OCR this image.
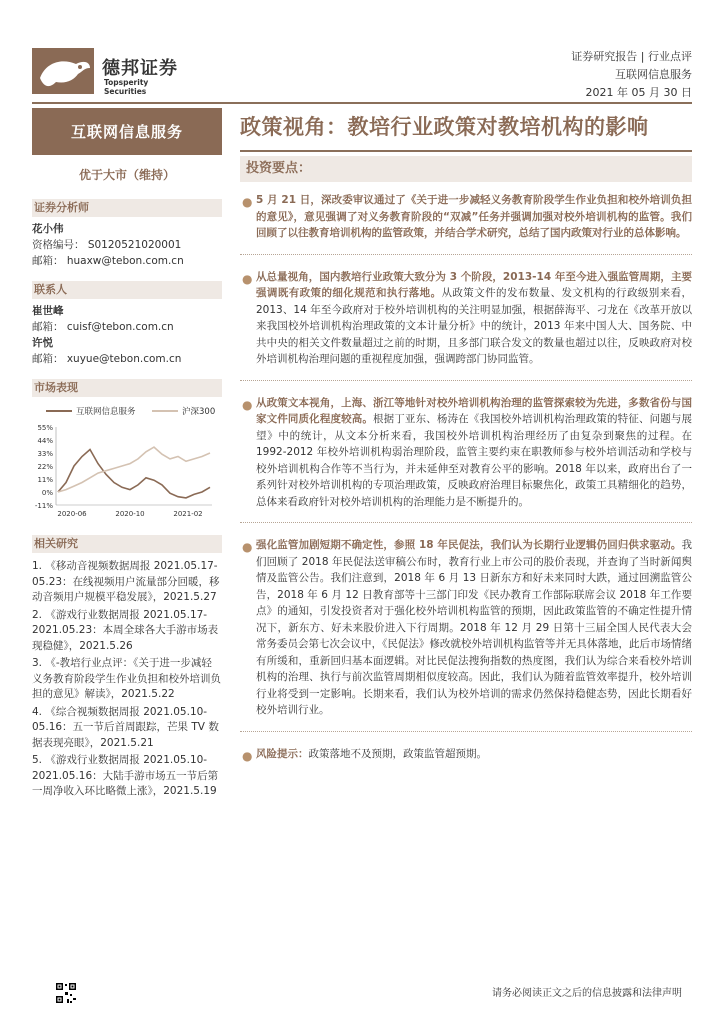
德邦证券
Topsperity Securities
证券研究报告 | 行业点评
互联网信息服务
2021 年 05 月 30 日
互联网信息服务
优于大市（维持）
证券分析师
花小伟
资格编号： S0120521020001
邮箱： huaxw@tebon.com.cn
联系人
崔世峰
邮箱： cuisf@tebon.com.cn
许悦
邮箱： xuyue@tebon.com.cn
市场表现
互联网信息服务	沪深300
55%
44%
33%
22%
11%
0%
-11%
2020-06	2020-10	2021-02
相关研究
1. 《移动音视频数据周报 2021.05.17-05.23：在线视频用户流量部分回暖，移动音频用户规模平稳发展》，2021.5.27
2. 《游戏行业数据周报 2021.05.17-2021.05.23：本周全球各大手游市场表现稳健》，2021.5.26
3. 《-教培行业点评：《关于进一步减轻义务教育阶段学生作业负担和校外培训负担的意见》解读》，2021.5.22
4. 《综合视频数据周报 2021.05.10-05.16：五一节后首周跟踪，芒果 TV 数据表现亮眼》，2021.5.21
5. 《游戏行业数据周报 2021.05.10-2021.05.16：大陆手游市场五一节后第一周净收入环比略微上涨》，2021.5.19
政策视角：教培行业政策对教培机构的影响
投资要点：
● 5 月 21 日，深改委审议通过了《关于进一步减轻义务教育阶段学生作业负担和校外培训负担的意见》，意见强调了对义务教育阶段的“双减”任务并强调加强对校外培训机构的监管。我们回顾了以往教育培训机构的监管政策，并结合学术研究，总结了国内政策对行业的总体影响。
● 从总量视角，国内教培行业政策大致分为 3 个阶段，2013-14 年至今进入强监管周期，主要强调既有政策的细化规范和执行落地。从政策文件的发布数量、发文机构的行政级别来看，2013、14 年至今政府对于校外培训机构的关注明显加强，根据薛海平、刁龙在《改革开放以来我国校外培训机构治理政策的文本计量分析》中的统计，2013 年来中国人大、国务院、中共中央的相关文件数量超过之前的时期，且多部门联合发文的数量也超过以往，反映政府对校外培训机构治理问题的重视程度加强，强调跨部门协同监管。
● 从政策文本视角，上海、浙江等地针对校外培训机构治理的监管探索较为先进，多数省份与国家文件同质化程度较高。根据丁亚东、杨涛在《我国校外培训机构治理政策的特征、问题与展望》中的统计，从文本分析来看，我国校外培训机构治理经历了由复杂到聚焦的过程。在 1992-2012 年校外培训机构弱治理阶段，监管主要约束在职教师参与校外培训活动和学校与校外培训机构合作等不当行为，并未延伸至对教育公平的影响。2018 年以来，政府出台了一系列针对校外培训机构的专项治理政策，反映政府治理目标聚焦化，政策工具精细化的趋势，总体来看政府针对校外培训机构的治理能力是不断提升的。
● 强化监管加剧短期不确定性，参照 18 年民促法，我们认为长期行业逻辑仍回归供求驱动。我们回顾了 2018 年民促法送审稿公布时，教育行业上市公司的股价表现，并查询了当时新闻舆情及监管公告。我们注意到，2018 年 6 月 13 日新东方和好未来同时大跌，通过回溯监管公告，2018 年 6 月 12 日教育部等十三部门印发《民办教育工作部际联席会议 2018 年工作要点》的通知，引发投资者对于强化校外培训机构监管的预期，因此政策监管的不确定性提升情况下，新东方、好未来股价进入下行周期。2018 年 12 月 29 日第十三届全国人民代表大会常务委员会第七次会议中，《民促法》修改就校外培训机构监管等并无具体落地，此后市场情绪有所缓和，重新回归基本面逻辑。对比民促法搜狗指数的热度图，我们认为综合来看校外培训机构的治理、执行与前次监管周期相似度较高。因此，我们认为随着监管效率提升，校外培训行业将受到一定影响。长期来看，我们认为校外培训的需求仍然保持稳健态势，因此长期看好校外培训行业。
● 风险提示：政策落地不及预期，政策监管超预期。
请务必阅读正文之后的信息披露和法律声明
